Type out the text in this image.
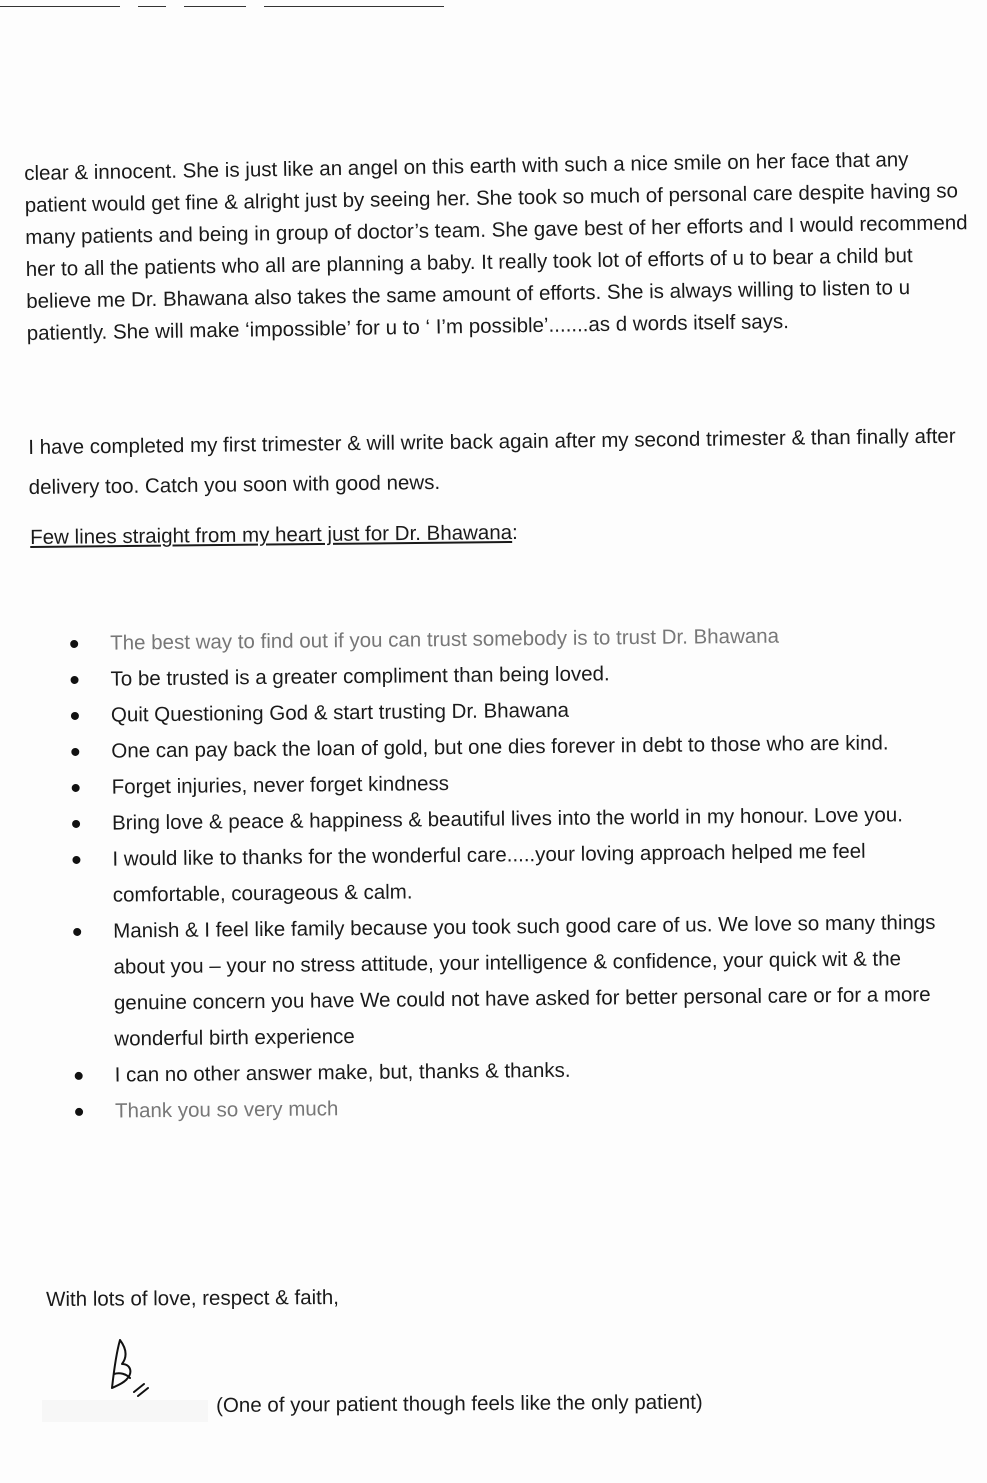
clear & innocent. She is just like an angel on this earth with such a nice smile on her face that any patient would get fine & alright just by seeing her. She took so much of personal care despite having so many patients and being in group of doctor’s team. She gave best of her efforts and I would recommend her to all the patients who all are planning a baby. It really took lot of efforts of u to bear a child but believe me Dr. Bhawana also takes the same amount of efforts. She is always willing to listen to u patiently. She will make ‘impossible’ for u to ‘ I’m possible’.......as d words itself says.
I have completed my first trimester & will write back again after my second trimester & than finally after delivery too. Catch you soon with good news.
Few lines straight from my heart just for Dr. Bhawana:
The best way to find out if you can trust somebody is to trust Dr. Bhawana
To be trusted is a greater compliment than being loved.
Quit Questioning God & start trusting Dr. Bhawana
One can pay back the loan of gold, but one dies forever in debt to those who are kind.
Forget injuries, never forget kindness
Bring love & peace & happiness & beautiful lives into the world in my honour. Love you.
I would like to thanks for the wonderful care.....your loving approach helped me feel comfortable, courageous & calm.
Manish & I feel like family because you took such good care of us. We love so many things about you – your no stress attitude, your intelligence & confidence, your quick wit & the genuine concern you have We could not have asked for better personal care or for a more wonderful birth experience
I can no other answer make, but, thanks & thanks.
Thank you so very much
With lots of love, respect & faith,
(One of your patient though feels like the only patient)
